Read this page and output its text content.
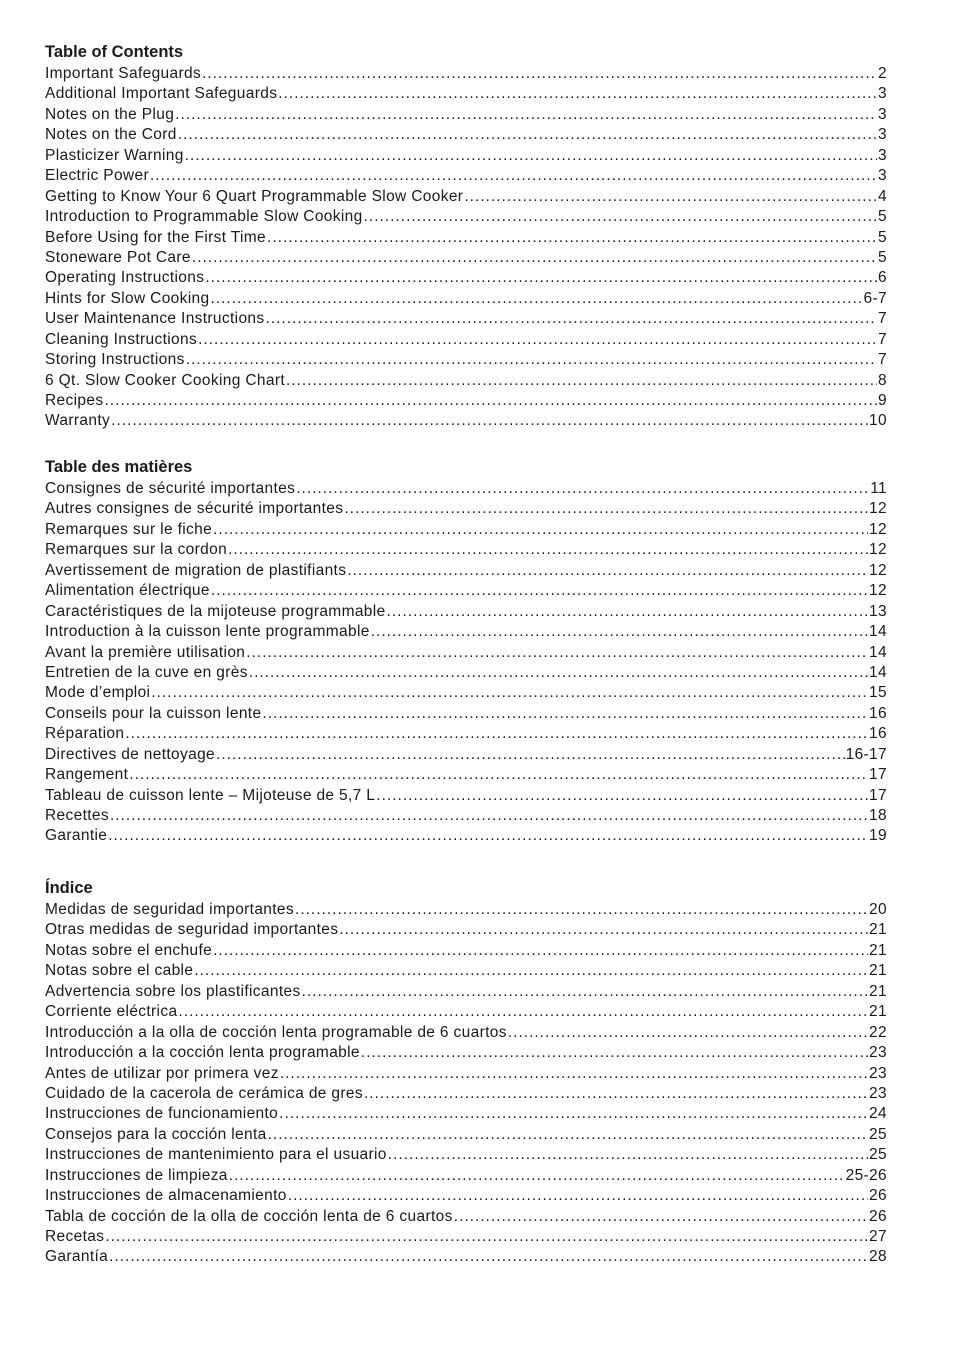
Table of Contents
Important Safeguards .....	2
Additional Important Safeguards .....	3
Notes on the Plug .....	3
Notes on the Cord .....	3
Plasticizer Warning .....	3
Electric Power .....	3
Getting to Know Your 6 Quart Programmable Slow Cooker .....	4
Introduction to Programmable Slow Cooking .....	5
Before Using for the First Time .....	5
Stoneware Pot Care .....	5
Operating Instructions .....	6
Hints for Slow Cooking .....	6-7
User Maintenance Instructions .....	7
Cleaning Instructions .....	7
Storing Instructions .....	7
6 Qt. Slow Cooker Cooking Chart .....	8
Recipes .....	9
Warranty .....	10
Table des matières
Consignes de sécurité importantes .....	11
Autres consignes de sécurité importantes .....	12
Remarques sur le fiche .....	12
Remarques sur la cordon .....	12
Avertissement de migration de plastifiants .....	12
Alimentation électrique .....	12
Caractéristiques de la mijoteuse programmable .....	13
Introduction à la cuisson lente programmable .....	14
Avant la première utilisation .....	14
Entretien de la cuve en grès .....	14
Mode d’emploi .....	15
Conseils pour la cuisson lente .....	16
Réparation .....	16
Directives de nettoyage .....	16-17
Rangement .....	17
Tableau de cuisson lente – Mijoteuse de 5,7 L .....	17
Recettes .....	18
Garantie .....	19
Índice
Medidas de seguridad importantes .....	20
Otras medidas de seguridad importantes .....	21
Notas sobre el enchufe .....	21
Notas sobre el cable .....	21
Advertencia sobre los plastificantes .....	21
Corriente eléctrica .....	21
Introducción a la olla de cocción lenta programable de 6 cuartos .....	22
Introducción a la cocción lenta programable .....	23
Antes de utilizar por primera vez .....	23
Cuidado de la cacerola de cerámica de gres .....	23
Instrucciones de funcionamiento .....	24
Consejos para la cocción lenta .....	25
Instrucciones de mantenimiento para el usuario .....	25
Instrucciones de limpieza .....	25-26
Instrucciones de almacenamiento .....	26
Tabla de cocción de la olla de cocción lenta de 6 cuartos .....	26
Recetas .....	27
Garantía .....	28
